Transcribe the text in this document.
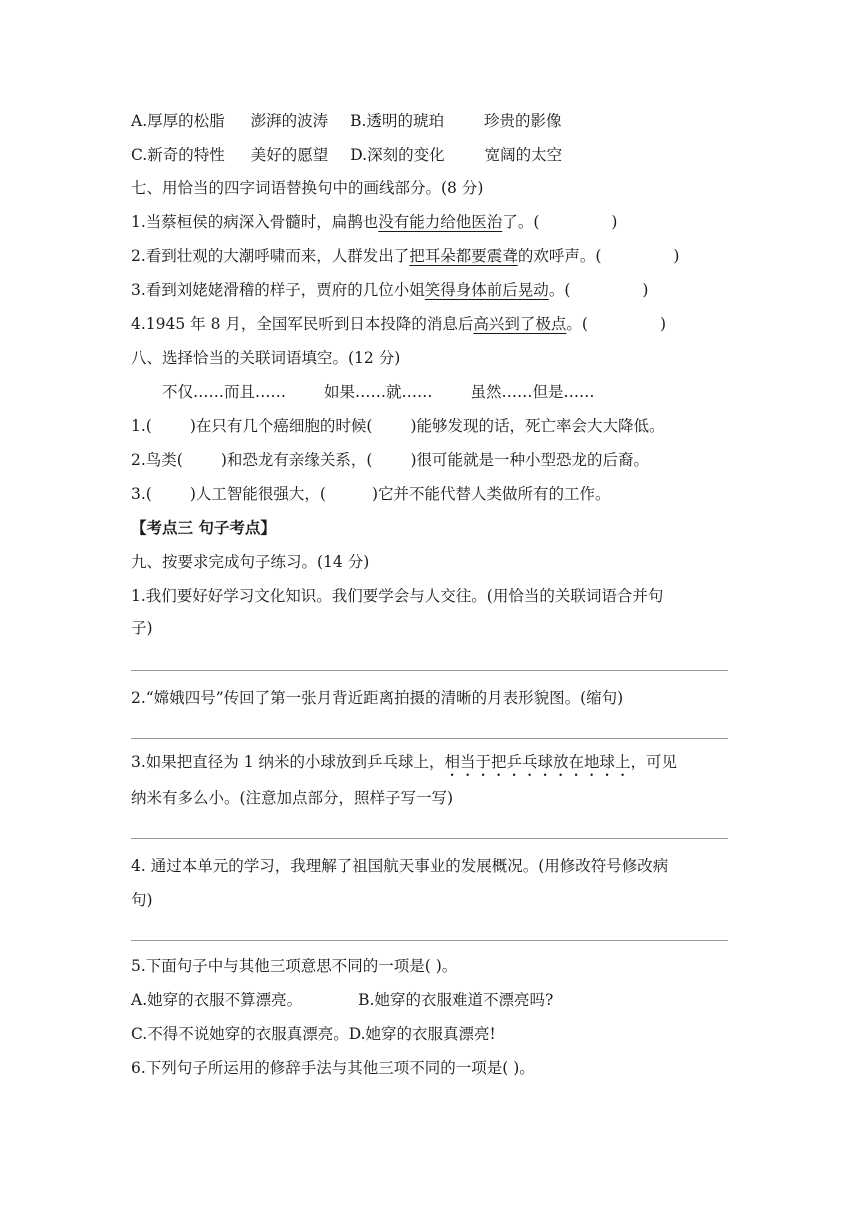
A.厚厚的松脂 澎湃的波涛 B.透明的琥珀	珍贵的影像
C.新奇的特性 美好的愿望 D.深刻的变化	宽阔的太空
七、用恰当的四字词语替换句中的画线部分。(8 分)
1.当蔡桓侯的病深入骨髓时，扁鹊也没有能力给他医治了。(	)
2.看到壮观的大潮呼啸而来，人群发出了把耳朵都要震聋的欢呼声。(	)
3.看到刘姥姥滑稽的样子，贾府的几位小姐笑得身体前后晃动。(	)
4.1945 年 8 月，全国军民听到日本投降的消息后高兴到了极点。(	)
八、选择恰当的关联词语填空。(12 分)
不仅……而且…… 如果……就…… 虽然……但是……
1.( )在只有几个癌细胞的时候( )能够发现的话，死亡率会大大降低。
2.鸟类( )和恐龙有亲缘关系，( )很可能就是一种小型恐龙的后裔。
3.( )人工智能很强大，(	)它并不能代替人类做所有的工作。
【考点三 句子考点】
九、按要求完成句子练习。(14 分)
1.我们要好好学习文化知识。我们要学会与人交往。(用恰当的关联词语合并句
子)
2.“嫦娥四号”传回了第一张月背近距离拍摄的清晰的月表形貌图。(缩句)
3.如果把直径为 1 纳米的小球放到乒乓球上，相当于把乒乓球放在地球上，可见
纳米有多么小。(注意加点部分，照样子写一写)
4. 通过本单元的学习，我理解了祖国航天事业的发展概况。(用修改符号修改病
句)
5.下面句子中与其他三项意思不同的一项是( )。
A.她穿的衣服不算漂亮。	B.她穿的衣服难道不漂亮吗?
C.不得不说她穿的衣服真漂亮。D.她穿的衣服真漂亮!
6.下列句子所运用的修辞手法与其他三项不同的一项是( )。
